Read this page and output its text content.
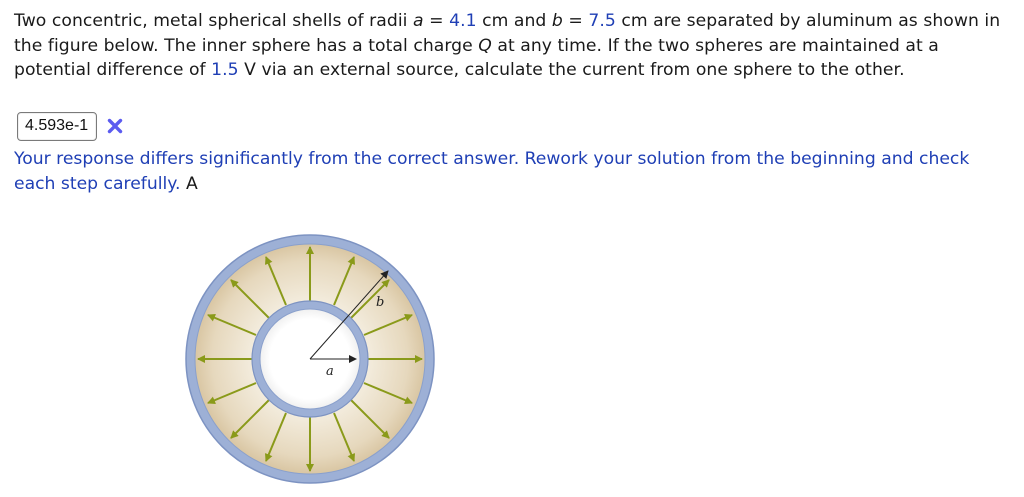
Two concentric, metal spherical shells of radii a = 4.1 cm and b = 7.5 cm are separated by aluminum as shown in the figure below. The inner sphere has a total charge Q at any time. If the two spheres are maintained at a potential difference of 1.5 V via an external source, calculate the current from one sphere to the other.
4.593e-1
Your response differs significantly from the correct answer. Rework your solution from the beginning and check each step carefully. A
a
b
